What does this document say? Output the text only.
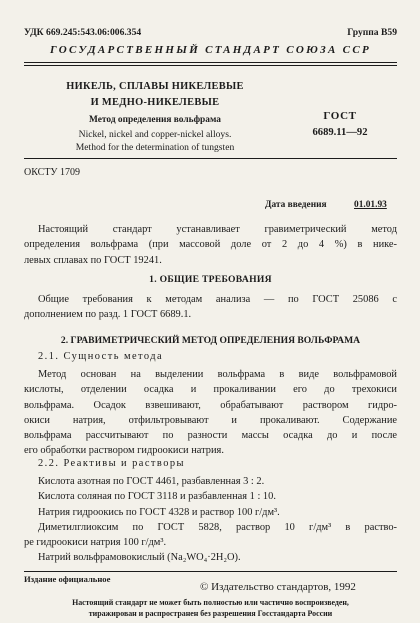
УДК 669.245:543.06:006.354	Группа В59
ГОСУДАРСТВЕННЫЙ СТАНДАРТ СОЮЗА ССР
НИКЕЛЬ, СПЛАВЫ НИКЕЛЕВЫЕ
И МЕДНО-НИКЕЛЕВЫЕ
Метод определения вольфрама
Nickel, nickel and copper-nickel alloys.
Method for the determination of tungsten
ГОСТ
6689.11—92
ОКСТУ 1709
Дата введения	01.01.93
Настоящий стандарт устанавливает гравиметрический метод
определения вольфрама (при массовой доле от 2 до 4 %) в нике-
левых сплавах по ГОСТ 19241.
1. ОБЩИЕ ТРЕБОВАНИЯ
Общие требования к методам анализа — по ГОСТ 25086 с
дополнением по разд. 1 ГОСТ 6689.1.
2. ГРАВИМЕТРИЧЕСКИЙ МЕТОД ОПРЕДЕЛЕНИЯ ВОЛЬФРАМА
2.1. Сущность метода
Метод основан на выделении вольфрама в виде вольфрамовой
кислоты, отделении осадка и прокаливании его до трехокиси
вольфрама. Осадок взвешивают, обрабатывают раствором гидро-
окиси натрия, отфильтровывают и прокаливают. Содержание
вольфрама рассчитывают по разности массы осадка до и после
его обработки раствором гидроокиси натрия.
2.2. Реактивы и растворы
Кислота азотная по ГОСТ 4461, разбавленная 3 : 2.
Кислота соляная по ГОСТ 3118 и разбавленная 1 : 10.
Натрия гидроокись по ГОСТ 4328 и раствор 100 г/дм³.
Диметилглиоксим по ГОСТ 5828, раствор 10 г/дм³ в раство-
ре гидроокиси натрия 100 г/дм³.
Натрий вольфрамовокислый (Na₂WO₄·2H₂O).
Издание официальное
© Издательство стандартов, 1992
Настоящий стандарт не может быть полностью или частично воспроизведен,
тиражирован и распространен без разрешения Госстандарта России
